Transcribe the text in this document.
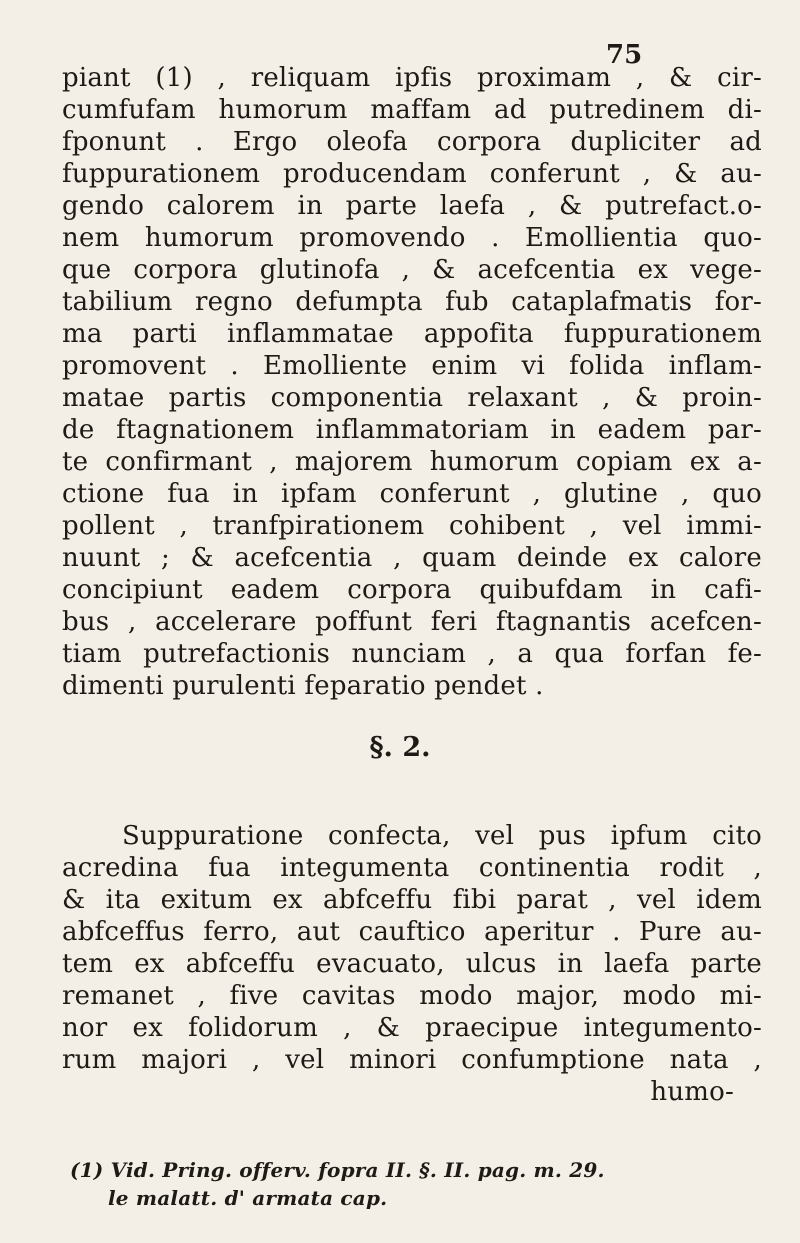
75
piant (1) , reliquam ipfis proximam , & cir-
cumfufam humorum maffam ad putredinem di-
fponunt . Ergo oleofa corpora dupliciter ad
fuppurationem producendam conferunt , & au-
gendo calorem in parte laefa , & putrefact.o-
nem humorum promovendo . Emollientia quo-
que corpora glutinofa , & acefcentia ex vege-
tabilium regno defumpta fub cataplafmatis for-
ma parti inflammatae appofita fuppurationem
promovent . Emolliente enim vi folida inflam-
matae partis componentia relaxant , & proin-
de ftagnationem inflammatoriam in eadem par-
te confirmant , majorem humorum copiam ex a-
ctione fua in ipfam conferunt , glutine , quo
pollent , tranfpirationem cohibent , vel immi-
nuunt ; & acefcentia , quam deinde ex calore
concipiunt eadem corpora quibufdam in cafi-
bus , accelerare poffunt feri ftagnantis acefcen-
tiam putrefactionis nunciam , a qua forfan fe-
dimenti purulenti feparatio pendet .
§. 2.
Suppuratione confecta, vel pus ipfum cito
acredina fua integumenta continentia rodit ,
& ita exitum ex abfceffu fibi parat , vel idem
abfceffus ferro, aut cauftico aperitur . Pure au-
tem ex abfceffu evacuato, ulcus in laefa parte
remanet , five cavitas modo major, modo mi-
nor ex folidorum , & praecipue integumento-
rum majori , vel minori confumptione nata ,
humo-
(1) Vid. Pring. offerv. fopra II. §. II. pag. m. 29.
le malatt. d' armata cap.
